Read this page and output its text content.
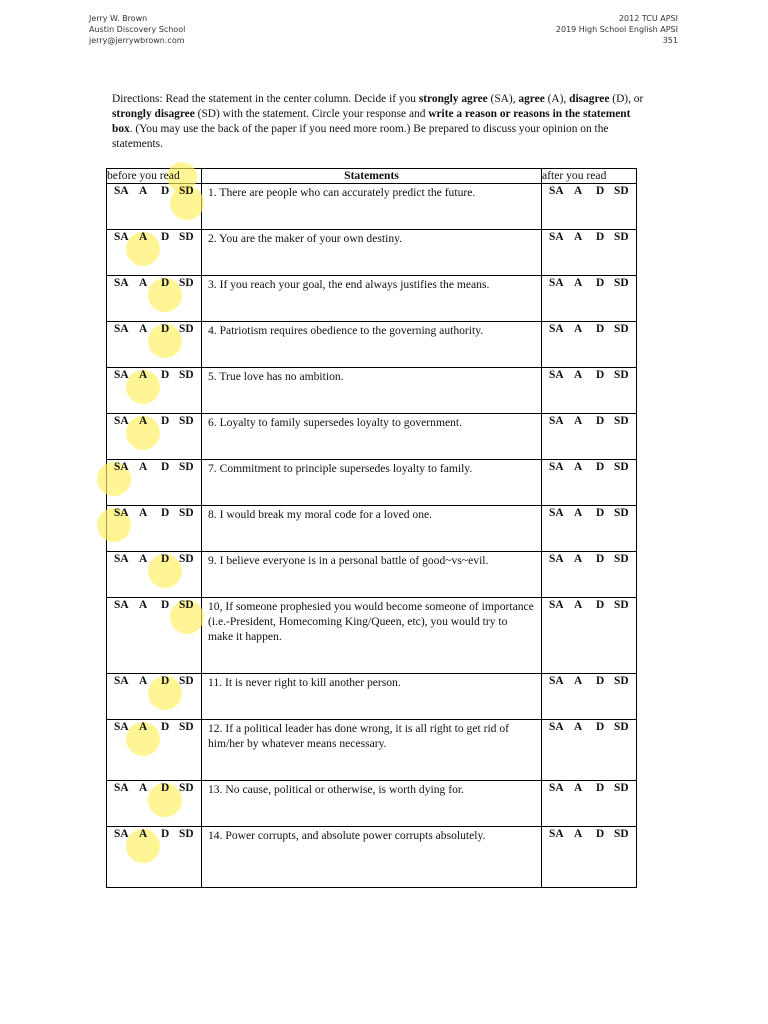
Jerry W. Brown
Austin Discovery School
jerry@jerrywbrown.com
2012 TCU APSI
2019 High School English APSI
351
Directions: Read the statement in the center column. Decide if you strongly agree (SA), agree (A), disagree (D), or strongly disagree (SD) with the statement. Circle your response and write a reason or reasons in the statement box. (You may use the back of the paper if you need more room.) Be prepared to discuss your opinion on the statements.
before you read	Statements	after you read

SA A D SD	1. There are people who can accurately predict the future.	SA A D SD

SA A D SD	2. You are the maker of your own destiny.	SA A D SD

SA A D SD	3. If you reach your goal, the end always justifies the means.	SA A D SD

SA A D SD	4. Patriotism requires obedience to the governing authority.	SA A D SD

SA A D SD	5. True love has no ambition.	SA A D SD

SA A D SD	6. Loyalty to family supersedes loyalty to government.	SA A D SD

SA A D SD	7. Commitment to principle supersedes loyalty to family.	SA A D SD

SA A D SD	8. I would break my moral code for a loved one.	SA A D SD

SA A D SD	9. I believe everyone is in a personal battle of good~vs~evil.	SA A D SD

SA A D SD	10, If someone prophesied you would become someone of importance (i.e.-President, Homecoming King/Queen, etc), you would try to make it happen.	SA A D SD

SA A D SD	11. It is never right to kill another person.	SA A D SD

SA A D SD	12. If a political leader has done wrong, it is all right to get rid of him/her by whatever means necessary.	SA A D SD

SA A D SD	13. No cause, political or otherwise, is worth dying for.	SA A D SD

SA A D SD	14. Power corrupts, and absolute power corrupts absolutely.	SA A D SD
